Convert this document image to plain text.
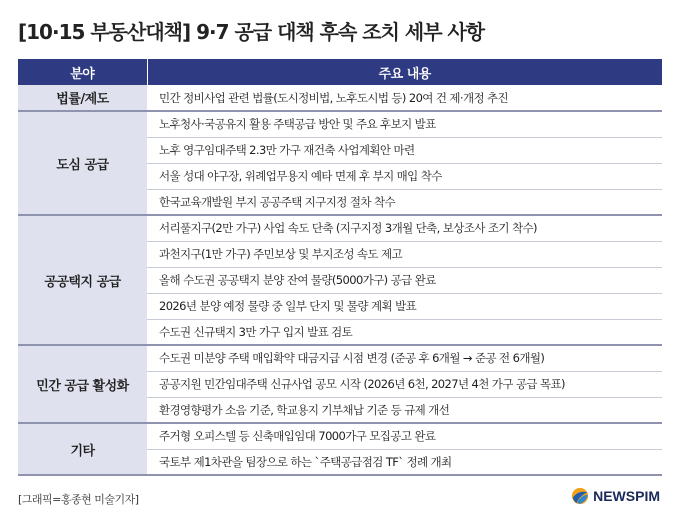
[10·15 부동산대책] 9·7 공급 대책 후속 조치 세부 사항
분야	주요 내용
법률/제도	민간 정비사업 관련 법률(도시정비법, 노후도시법 등) 20여 건 제·개정 추진
도심 공급	노후청사·국공유지 활용 주택공급 방안 및 주요 후보지 발표
	노후 영구임대주택 2.3만 가구 재건축 사업계획안 마련
	서울 성대 야구장, 위례업무용지 예타 면제 후 부지 매입 착수
	한국교육개발원 부지 공공주택 지구지정 절차 착수
공공택지 공급	서리풀지구(2만 가구) 사업 속도 단축 (지구지정 3개월 단축, 보상조사 조기 착수)
	과천지구(1만 가구) 주민보상 및 부지조성 속도 제고
	올해 수도권 공공택지 분양 잔여 물량(5000가구) 공급 완료
	2026년 분양 예정 물량 중 일부 단지 및 물량 계획 발표
	수도권 신규택지 3만 가구 입지 발표 검토
민간 공급 활성화	수도권 미분양 주택 매입확약 대금지급 시점 변경 (준공 후 6개월 → 준공 전 6개월)
	공공지원 민간임대주택 신규사업 공모 시작 (2026년 6천, 2027년 4천 가구 공급 목표)
	환경영향평가 소음 기준, 학교용지 기부채납 기준 등 규제 개선
기타	주거형 오피스텔 등 신축매입임대 7000가구 모집공고 완료
	국토부 제1차관을 팀장으로 하는 `주택공급점검 TF` 정례 개최
[그래픽=홍종현 미술기자]	NEWSPIM
